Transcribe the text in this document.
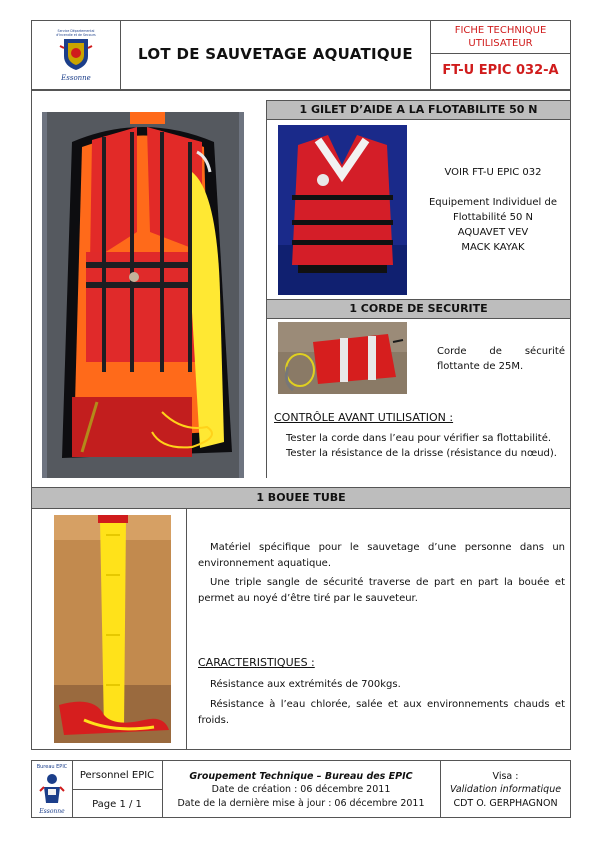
Service Départemental
d'Incendie et de Secours
Essonne
LOT DE SAUVETAGE AQUATIQUE
FICHE TECHNIQUE
UTILISATEUR
FT-U EPIC 032-A
1 GILET D’AIDE A LA FLOTABILITE 50 N
VOIR FT-U EPIC 032
Equipement Individuel de
Flottabilité 50 N
AQUAVET VEV
MACK KAYAK
1 CORDE DE SECURITE
Corde de sécurité
flottante de 25M.
CONTRÔLE AVANT UTILISATION :
Tester la corde dans l’eau pour vérifier sa flottabilité.
Tester la résistance de la drisse (résistance du nœud).
1 BOUEE TUBE
Matériel spécifique pour le sauvetage d’une personne dans un environnement aquatique.
Une triple sangle de sécurité traverse de part en part la bouée et permet au noyé d’être tiré par le sauveteur.
CARACTERISTIQUES :
Résistance aux extrémités de 700kgs.
Résistance à l’eau chlorée, salée et aux environnements chauds et froids.
Bureau EPIC
Essonne
Personnel EPIC
Page 1 / 1
Groupement Technique – Bureau des EPIC
Date de création : 06 décembre 2011
Date de la dernière mise à jour : 06 décembre 2011
Visa :
Validation informatique
CDT O. GERPHAGNON
